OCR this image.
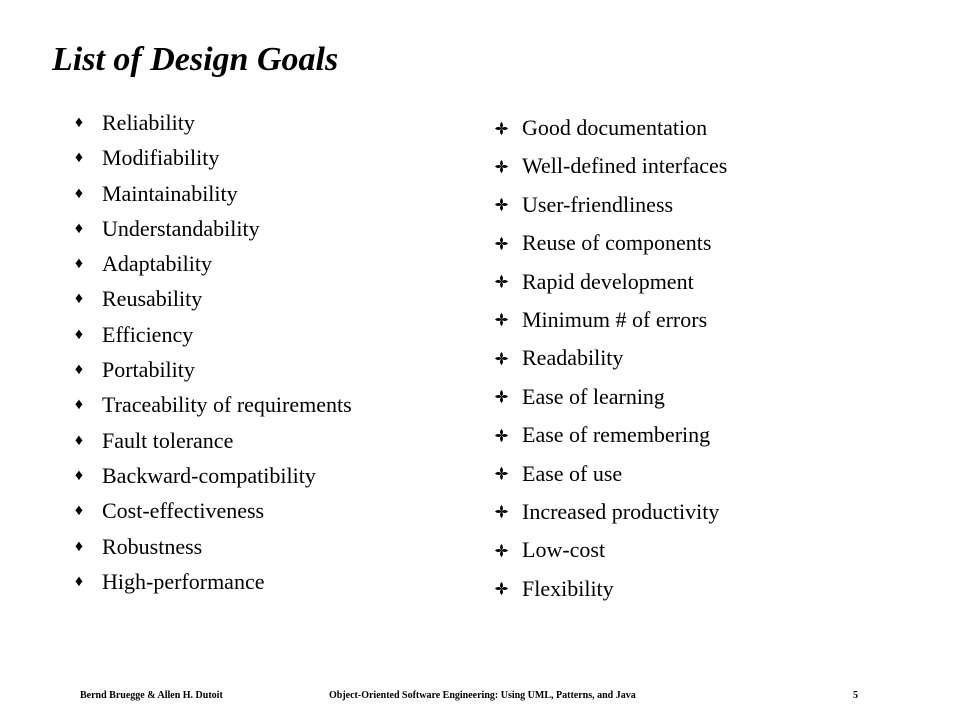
List of Design Goals
♦ Reliability
♦ Modifiability
♦ Maintainability
♦ Understandability
♦ Adaptability
♦ Reusability
♦ Efficiency
♦ Portability
♦ Traceability of requirements
♦ Fault tolerance
♦ Backward-compatibility
♦ Cost-effectiveness
♦ Robustness
♦ High-performance
Good documentation
Well-defined interfaces
User-friendliness
Reuse of components
Rapid development
Minimum # of errors
Readability
Ease of learning
Ease of remembering
Ease of use
Increased productivity
Low-cost
Flexibility
Bernd Bruegge & Allen H. Dutoit	Object-Oriented Software Engineering: Using UML, Patterns, and Java	5
